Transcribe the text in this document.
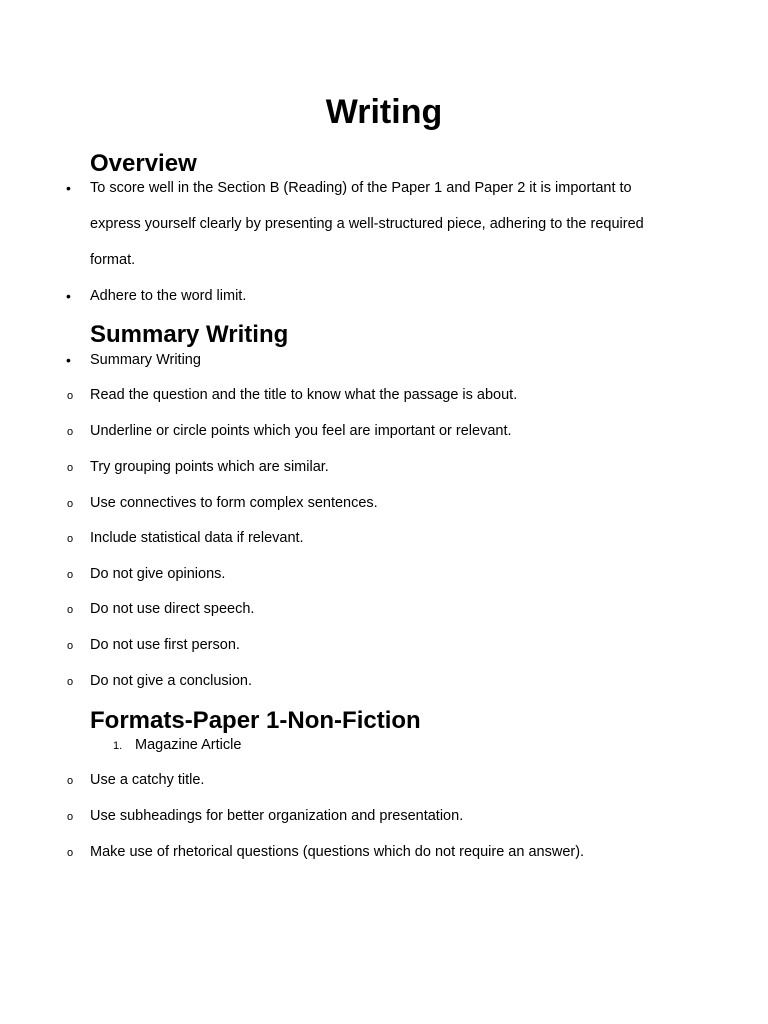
Writing
Overview
• To score well in the Section B (Reading) of the Paper 1 and Paper 2 it is important to
express yourself clearly by presenting a well-structured piece, adhering to the required
format.
• Adhere to the word limit.
Summary Writing
• Summary Writing
o Read the question and the title to know what the passage is about.
o Underline or circle points which you feel are important or relevant.
o Try grouping points which are similar.
o Use connectives to form complex sentences.
o Include statistical data if relevant.
o Do not give opinions.
o Do not use direct speech.
o Do not use first person.
o Do not give a conclusion.
Formats-Paper 1-Non-Fiction
1. Magazine Article
o Use a catchy title.
o Use subheadings for better organization and presentation.
o Make use of rhetorical questions (questions which do not require an answer).
